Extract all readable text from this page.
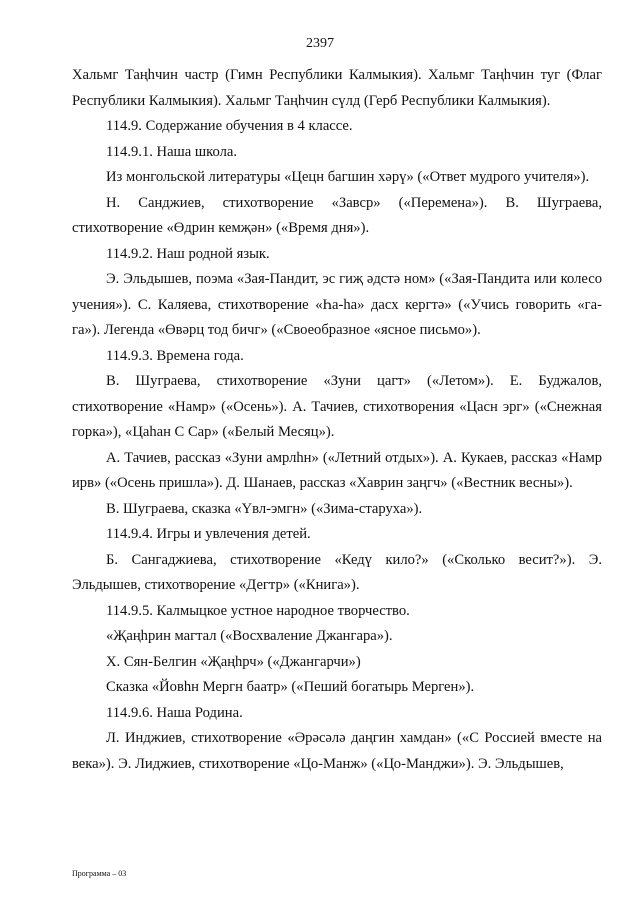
2397

Хальмг Таңһчин частр (Гимн Республики Калмыкия). Хальмг Таңһчин туг (Флаг Республики Калмыкия). Хальмг Таңһчин сүлд (Герб Республики Калмыкия).

114.9. Содержание обучения в 4 классе.

114.9.1. Наша школа.

Из монгольской литературы «Цецн багшин хәрү» («Ответ мудрого учителя»).

Н. Санджиев, стихотворение «Завср» («Перемена»). В. Шуграева, стихотворение «Өдрин кемҗән» («Время дня»).

114.9.2. Наш родной язык.

Э. Эльдышев, поэма «Зая-Пандит, эс гиҗ әдстә ном» («Зая-Пандита или колесо учения»). С. Каляева, стихотворение «Һа-һа» дасх кергтә» («Учись говорить «га-га»). Легенда «Өвәрц тод бичг» («Своеобразное «ясное письмо»).

114.9.3. Времена года.

В. Шуграева, стихотворение «Зуни цагт» («Летом»). Е. Буджалов, стихотворение «Намр» («Осень»). А. Тачиев, стихотворения «Цасн эрг» («Снежная горка»), «Цаһан С Сар» («Белый Месяц»).

А. Тачиев, рассказ «Зуни амрлһн» («Летний отдых»). А. Кукаев, рассказ «Намр ирв» («Осень пришла»). Д. Шанаев, рассказ «Хаврин заңгч» («Вестник весны»).

В. Шуграева, сказка «Үвл-эмгн» («Зима-старуха»).

114.9.4. Игры и увлечения детей.

Б. Сангаджиева, стихотворение «Кедү кило?» («Сколько весит?»). Э. Эльдышев, стихотворение «Дегтр» («Книга»).

114.9.5. Калмыцкое устное народное творчество.

«Җаңһрин магтал («Восхваление Джангара»).

Х. Сян-Белгин «Җаңһрч» («Джангарчи»)

Сказка «Йовһн Мергн баатр» («Пеший богатырь Мерген»).

114.9.6. Наша Родина.

Л. Инджиев, стихотворение «Әрәсәлә даңгин хамдан» («С Россией вместе на века»). Э. Лиджиев, стихотворение «Цо-Манж» («Цо-Манджи»). Э. Эльдышев,

Программа – 03
